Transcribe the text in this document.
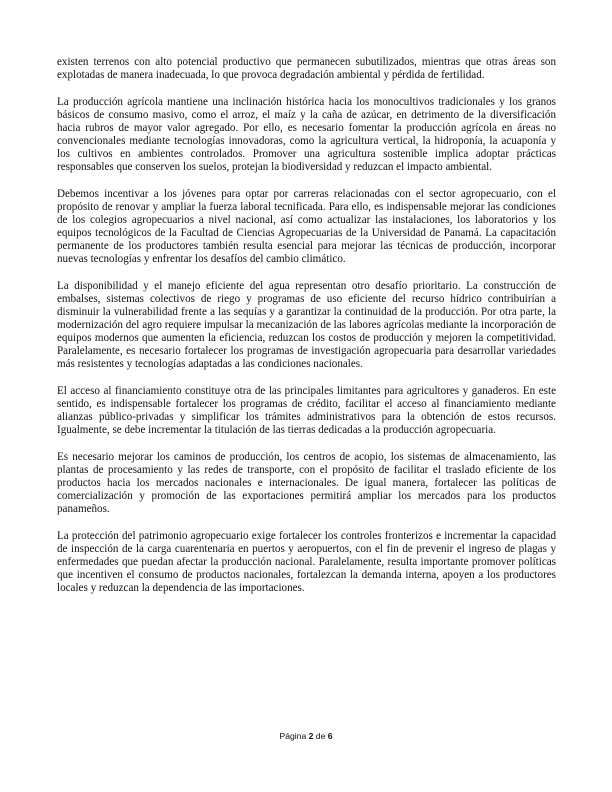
existen terrenos con alto potencial productivo que permanecen subutilizados, mientras que otras áreas son explotadas de manera inadecuada, lo que provoca degradación ambiental y pérdida de fertilidad.

La producción agrícola mantiene una inclinación histórica hacia los monocultivos tradicionales y los granos básicos de consumo masivo, como el arroz, el maíz y la caña de azúcar, en detrimento de la diversificación hacia rubros de mayor valor agregado. Por ello, es necesario fomentar la producción agrícola en áreas no convencionales mediante tecnologías innovadoras, como la agricultura vertical, la hidroponía, la acuaponía y los cultivos en ambientes controlados. Promover una agricultura sostenible implica adoptar prácticas responsables que conserven los suelos, protejan la biodiversidad y reduzcan el impacto ambiental.

Debemos incentivar a los jóvenes para optar por carreras relacionadas con el sector agropecuario, con el propósito de renovar y ampliar la fuerza laboral tecnificada. Para ello, es indispensable mejorar las condiciones de los colegios agropecuarios a nivel nacional, así como actualizar las instalaciones, los laboratorios y los equipos tecnológicos de la Facultad de Ciencias Agropecuarias de la Universidad de Panamá. La capacitación permanente de los productores también resulta esencial para mejorar las técnicas de producción, incorporar nuevas tecnologías y enfrentar los desafíos del cambio climático.

La disponibilidad y el manejo eficiente del agua representan otro desafío prioritario. La construcción de embalses, sistemas colectivos de riego y programas de uso eficiente del recurso hídrico contribuirían a disminuir la vulnerabilidad frente a las sequías y a garantizar la continuidad de la producción. Por otra parte, la modernización del agro requiere impulsar la mecanización de las labores agrícolas mediante la incorporación de equipos modernos que aumenten la eficiencia, reduzcan los costos de producción y mejoren la competitividad. Paralelamente, es necesario fortalecer los programas de investigación agropecuaria para desarrollar variedades más resistentes y tecnologías adaptadas a las condiciones nacionales.

El acceso al financiamiento constituye otra de las principales limitantes para agricultores y ganaderos. En este sentido, es indispensable fortalecer los programas de crédito, facilitar el acceso al financiamiento mediante alianzas público-privadas y simplificar los trámites administrativos para la obtención de estos recursos. Igualmente, se debe incrementar la titulación de las tierras dedicadas a la producción agropecuaria.

Es necesario mejorar los caminos de producción, los centros de acopio, los sistemas de almacenamiento, las plantas de procesamiento y las redes de transporte, con el propósito de facilitar el traslado eficiente de los productos hacia los mercados nacionales e internacionales. De igual manera, fortalecer las políticas de comercialización y promoción de las exportaciones permitirá ampliar los mercados para los productos panameños.

La protección del patrimonio agropecuario exige fortalecer los controles fronterizos e incrementar la capacidad de inspección de la carga cuarentenaria en puertos y aeropuertos, con el fin de prevenir el ingreso de plagas y enfermedades que puedan afectar la producción nacional. Paralelamente, resulta importante promover políticas que incentiven el consumo de productos nacionales, fortalezcan la demanda interna, apoyen a los productores locales y reduzcan la dependencia de las importaciones.

Página 2 de 6
